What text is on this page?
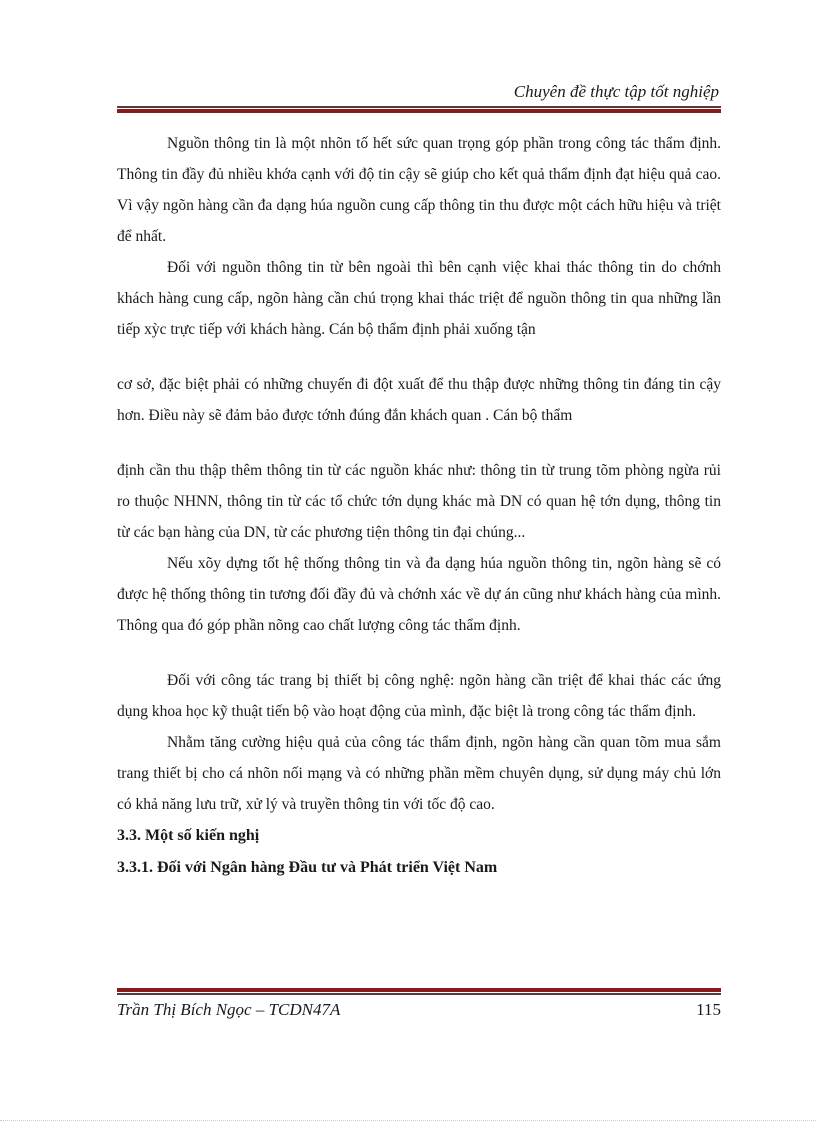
Chuyên đề thực tập tốt nghiệp

Nguồn thông tin là một nhõn tố hết sức quan trọng góp phần trong công tác thẩm định. Thông tin đầy đủ nhiều khớa cạnh với độ tin cậy sẽ giúp cho kết quả thẩm định đạt hiệu quả cao. Vì vậy ngõn hàng cần đa dạng húa nguồn cung cấp thông tin thu được một cách hữu hiệu và triệt để nhất.

Đối với nguồn thông tin từ bên ngoài thì bên cạnh việc khai thác thông tin do chớnh khách hàng cung cấp, ngõn hàng cần chú trọng khai thác triệt để nguồn thông tin qua những lần tiếp xỳc trực tiếp với khách hàng. Cán bộ thẩm định phải xuống tận

cơ sở, đặc biệt phải có những chuyến đi đột xuất để thu thập được những thông tin đáng tin cậy hơn. Điều này sẽ đảm bảo được tớnh đúng đắn khách quan . Cán bộ thẩm

định cần thu thập thêm thông tin từ các nguồn khác như: thông tin từ trung tõm phòng ngừa rủi ro thuộc NHNN, thông tin từ các tổ chức tớn dụng khác mà DN có quan hệ tớn dụng, thông tin từ các bạn hàng của DN, từ các phương tiện thông tin đại chúng...

Nếu xõy dựng tốt hệ thống thông tin và đa dạng húa nguồn thông tin, ngõn hàng sẽ có được hệ thống thông tin tương đối đầy đủ và chớnh xác về dự án cũng như khách hàng của mình. Thông qua đó góp phần nõng cao chất lượng công tác thẩm định.

Đối với công tác trang bị thiết bị công nghệ: ngõn hàng cần triệt để khai thác các ứng dụng khoa học kỹ thuật tiến bộ vào hoạt động của mình, đặc biệt là trong công tác thẩm định.

Nhằm tăng cường hiệu quả của công tác thẩm định, ngõn hàng cần quan tõm mua sắm trang thiết bị cho cá nhõn nối mạng và có những phần mềm chuyên dụng, sử dụng máy chủ lớn có khả năng lưu trữ, xử lý và truyền thông tin với tốc độ cao.

3.3. Một số kiến nghị
3.3.1. Đối với Ngân hàng Đầu tư và Phát triển Việt Nam
Trần Thị Bích Ngọc – TCDN47A	115
